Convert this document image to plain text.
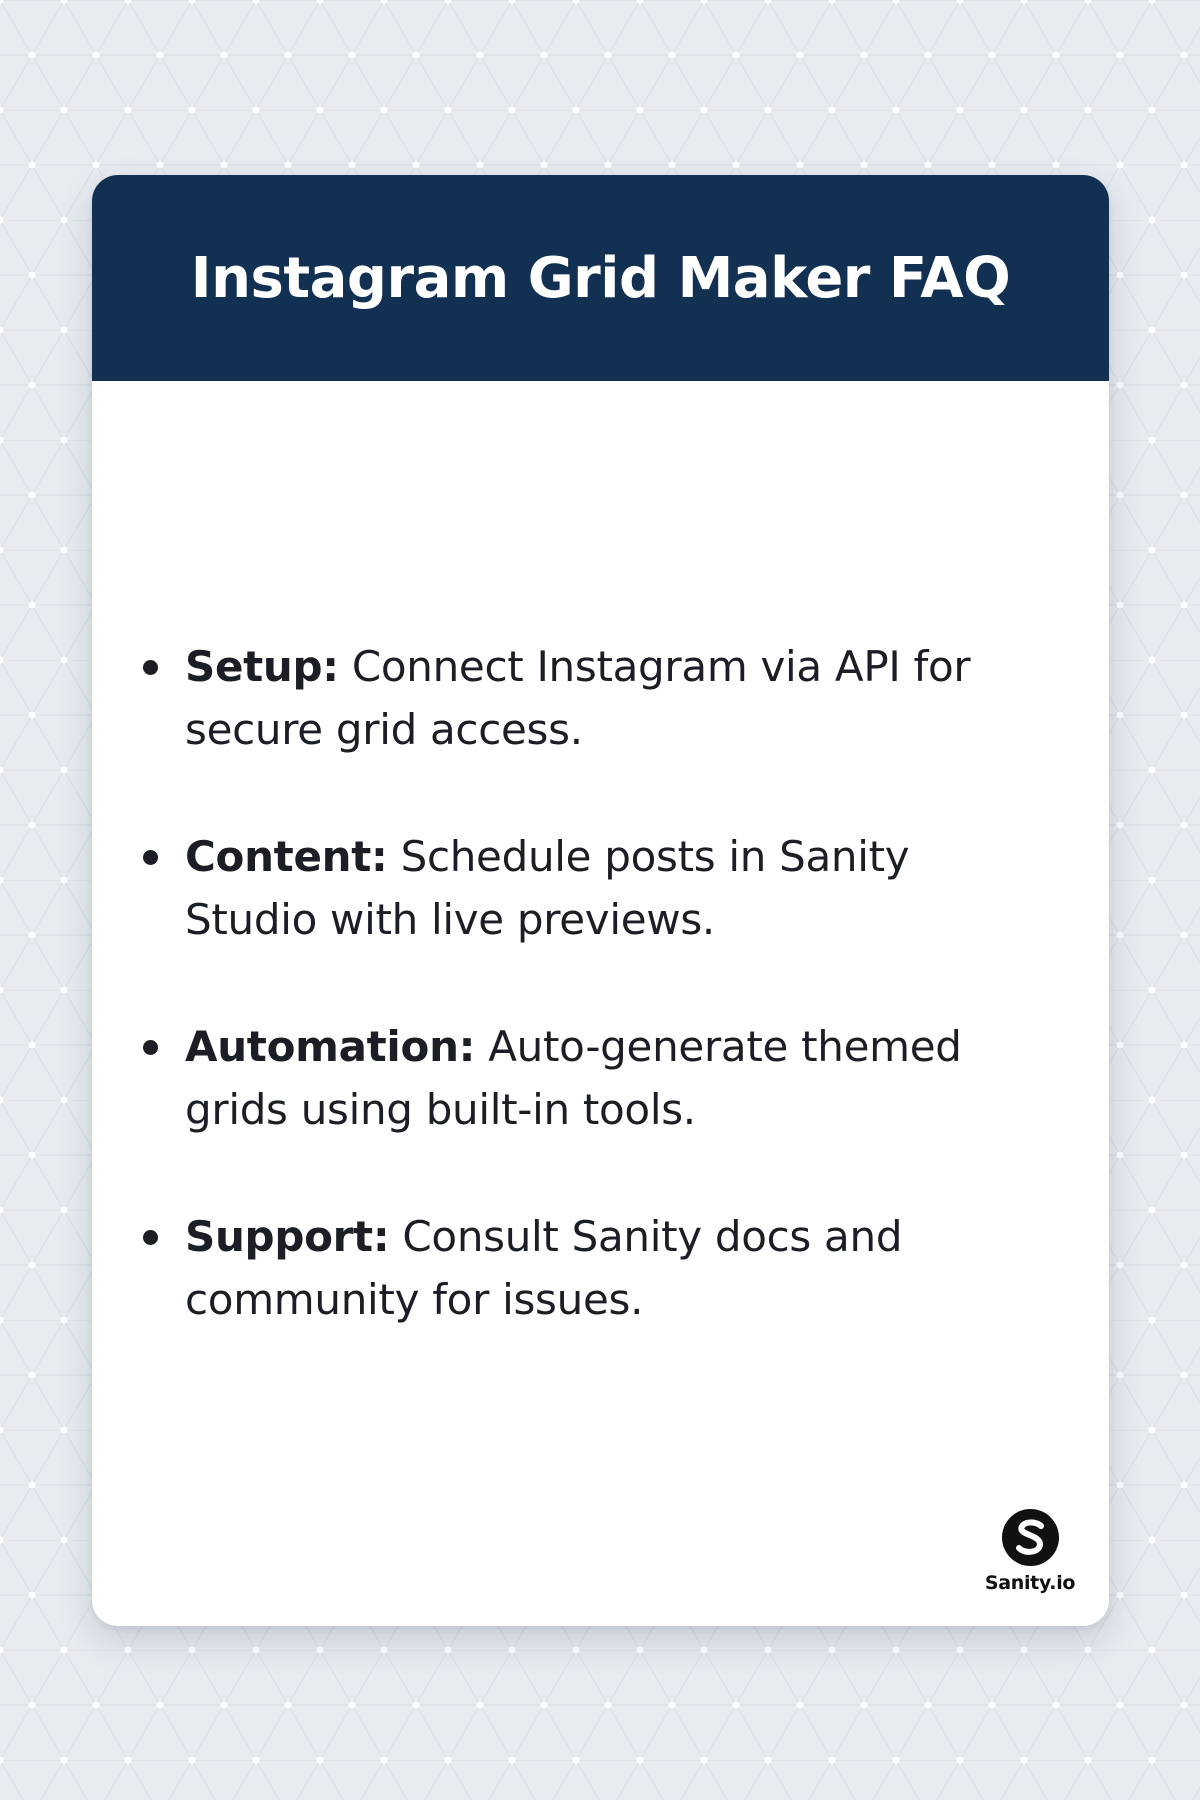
Instagram Grid Maker FAQ
Setup: Connect Instagram via API for secure grid access.
Content: Schedule posts in Sanity Studio with live previews.
Automation: Auto-generate themed grids using built-in tools.
Support: Consult Sanity docs and community for issues.
Sanity.io
